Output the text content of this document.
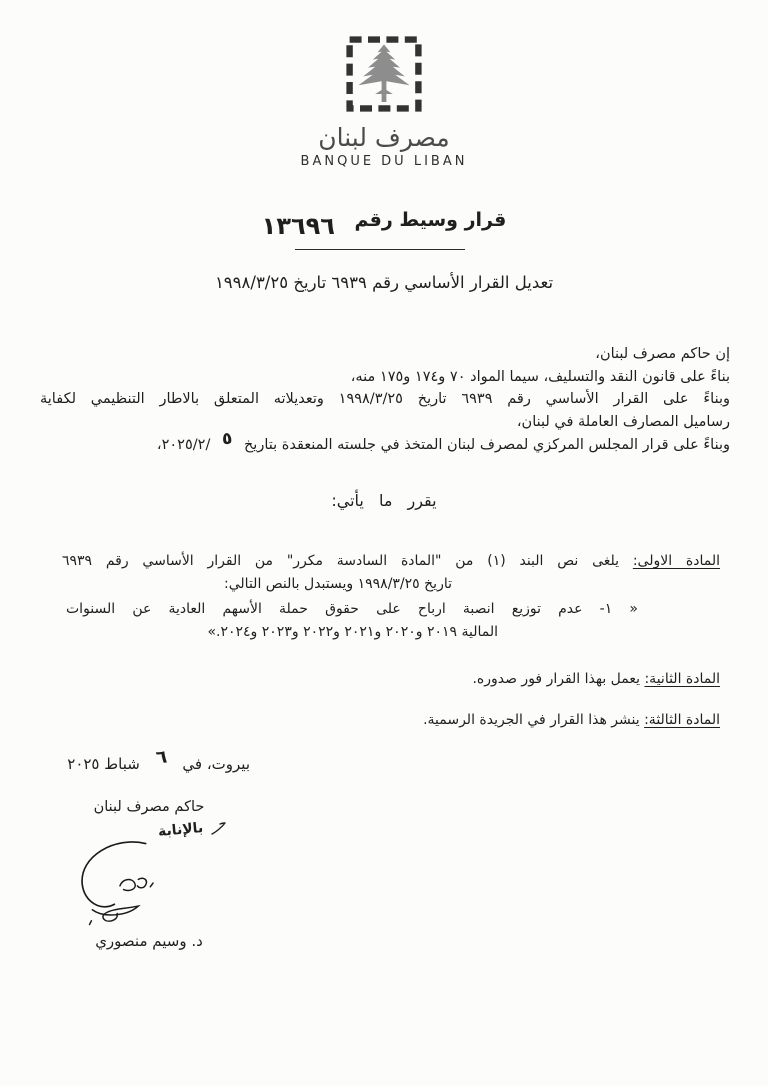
مصرف لبنان
BANQUE DU LIBAN
قرار وسيط رقم ١٣٦٩٦
تعديل القرار الأساسي رقم ٦٩٣٩ تاريخ ١٩٩٨/٣/٢٥
إن حاكم مصرف لبنان،
بناءً على قانون النقد والتسليف، سيما المواد ٧٠ و١٧٤ و١٧٥ منه،
وبناءً على القرار الأساسي رقم ٦٩٣٩ تاريخ ١٩٩٨/٣/٢٥ وتعديلاته المتعلق بالاطار التنظيمي لكفاية
رساميل المصارف العاملة في لبنان،
وبناءً على قرار المجلس المركزي لمصرف لبنان المتخذ في جلسته المنعقدة بتاريخ ٥ ،٢٠٢٥/٢/
يقرر ما يأتي:
المادة الاولى: يلغى نص البند (١) من "المادة السادسة مكرر" من القرار الأساسي رقم ٦٩٣٩
تاريخ ١٩٩٨/٣/٢٥ ويستبدل بالنص التالي:
« ١- عدم توزيع انصبة ارباح على حقوق حملة الأسهم العادية عن السنوات
المالية ٢٠١٩ و٢٠٢٠ و٢٠٢١ و٢٠٢٢ و٢٠٢٣ و٢٠٢٤.»
المادة الثانية: يعمل بهذا القرار فور صدوره.
المادة الثالثة: ينشر هذا القرار في الجريدة الرسمية.
بيروت، في ٦ شباط ٢٠٢٥
حاكم مصرف لبنان
بالإنابة
د. وسيم منصوري
